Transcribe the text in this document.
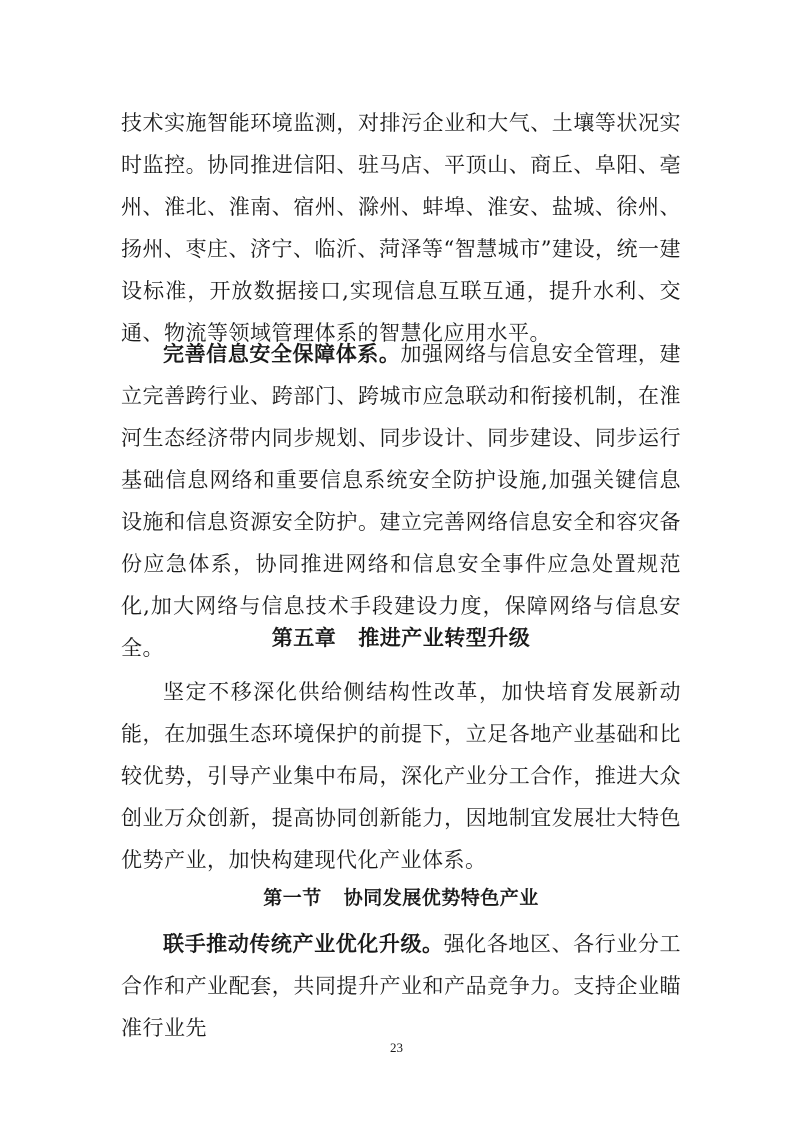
技术实施智能环境监测，对排污企业和大气、土壤等状况实时监控。协同推进信阳、驻马店、平顶山、商丘、阜阳、亳州、淮北、淮南、宿州、滁州、蚌埠、淮安、盐城、徐州、扬州、枣庄、济宁、临沂、菏泽等“智慧城市”建设，统一建设标准，开放数据接口,实现信息互联互通，提升水利、交通、物流等领域管理体系的智慧化应用水平。

完善信息安全保障体系。加强网络与信息安全管理，建立完善跨行业、跨部门、跨城市应急联动和衔接机制，在淮河生态经济带内同步规划、同步设计、同步建设、同步运行基础信息网络和重要信息系统安全防护设施,加强关键信息设施和信息资源安全防护。建立完善网络信息安全和容灾备份应急体系，协同推进网络和信息安全事件应急处置规范化,加大网络与信息技术手段建设力度，保障网络与信息安全。	第五章 推进产业转型升级

坚定不移深化供给侧结构性改革，加快培育发展新动能，在加强生态环境保护的前提下，立足各地产业基础和比较优势，引导产业集中布局，深化产业分工合作，推进大众创业万众创新，提高协同创新能力，因地制宜发展壮大特色优势产业，加快构建现代化产业体系。

第一节 协同发展优势特色产业

联手推动传统产业优化升级。强化各地区、各行业分工合作和产业配套，共同提升产业和产品竞争力。支持企业瞄准行业先

23
